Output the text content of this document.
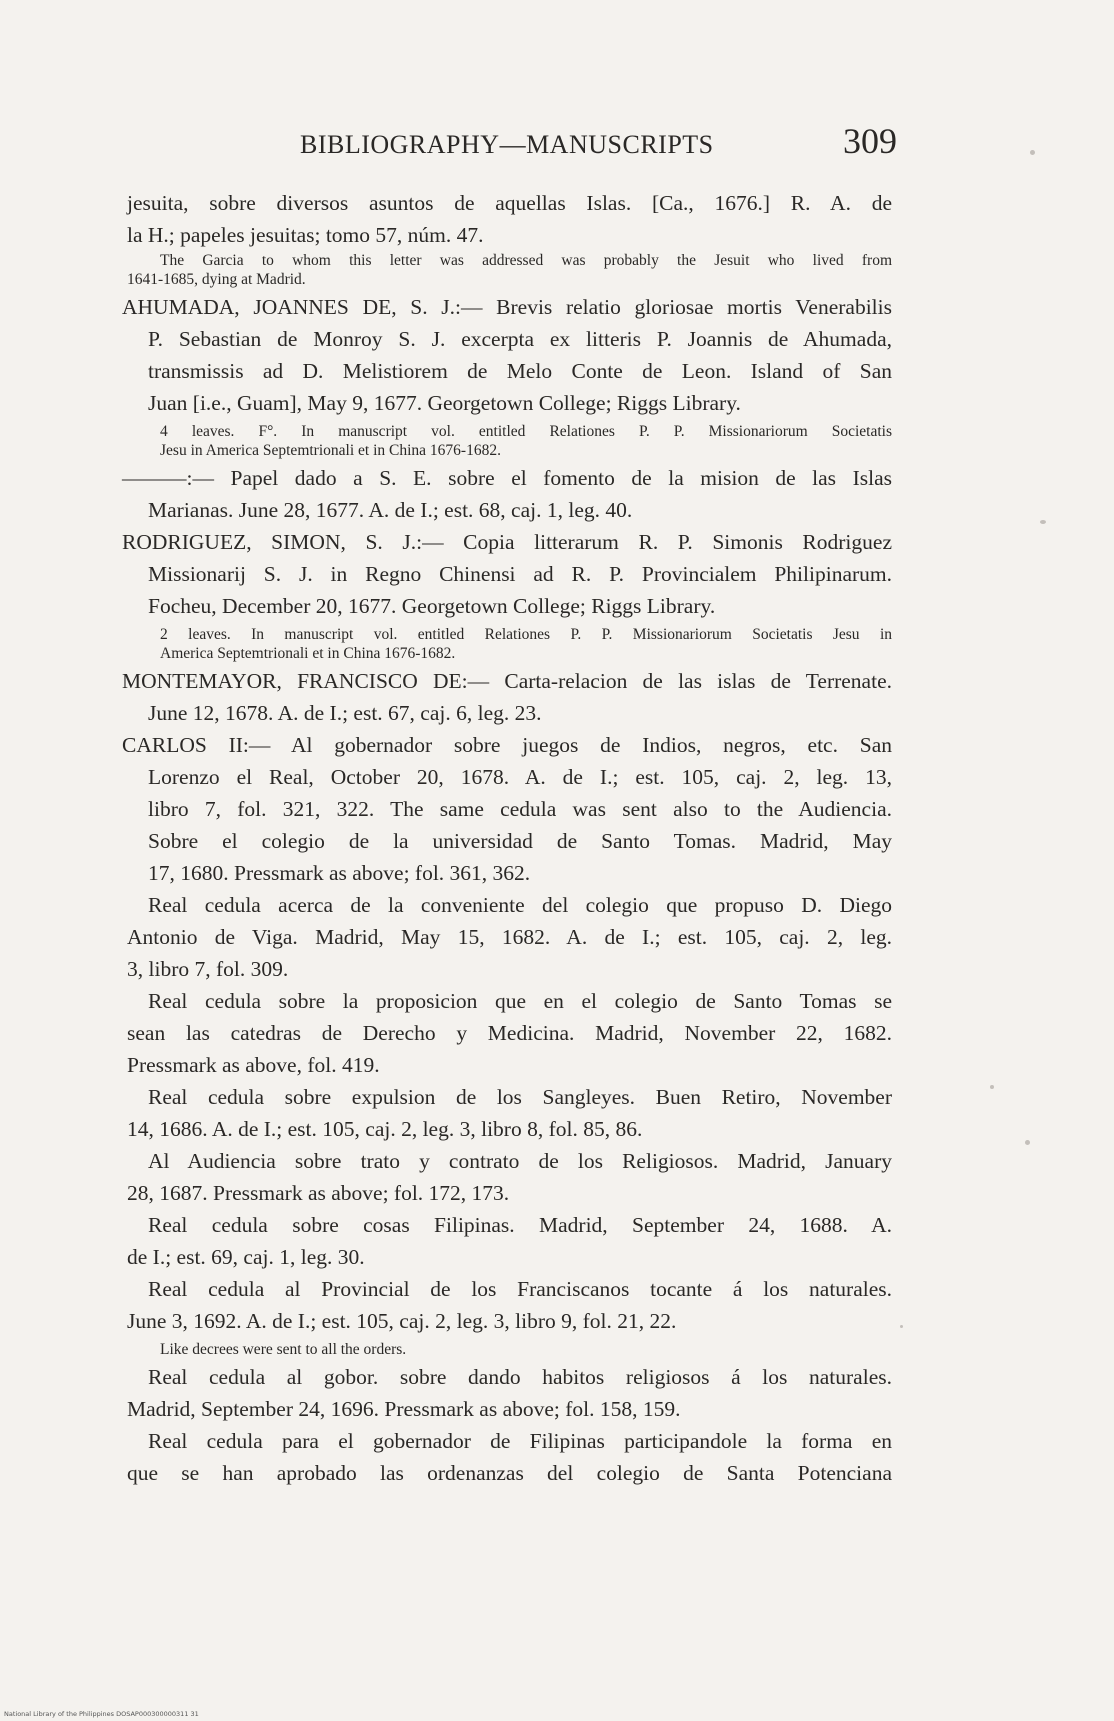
BIBLIOGRAPHY—MANUSCRIPTS	309
jesuita, sobre diversos asuntos de aquellas Islas. [Ca., 1676.] R. A. de
la H.; papeles jesuitas; tomo 57, núm. 47.
The Garcia to whom this letter was addressed was probably the Jesuit who lived from
1641-1685, dying at Madrid.
AHUMADA, JOANNES DE, S. J.:— Brevis relatio gloriosae mortis Venerabilis
P. Sebastian de Monroy S. J. excerpta ex litteris P. Joannis de Ahumada,
transmissis ad D. Melistiorem de Melo Conte de Leon. Island of San
Juan [i.e., Guam], May 9, 1677. Georgetown College; Riggs Library.
4 leaves. F°. In manuscript vol. entitled Relationes P. P. Missionariorum Societatis
Jesu in America Septemtrionali et in China 1676-1682.
———:— Papel dado a S. E. sobre el fomento de la mision de las Islas
Marianas. June 28, 1677. A. de I.; est. 68, caj. 1, leg. 40.
RODRIGUEZ, SIMON, S. J.:— Copia litterarum R. P. Simonis Rodriguez
Missionarij S. J. in Regno Chinensi ad R. P. Provincialem Philipinarum.
Focheu, December 20, 1677. Georgetown College; Riggs Library.
2 leaves. In manuscript vol. entitled Relationes P. P. Missionariorum Societatis Jesu in
America Septemtrionali et in China 1676-1682.
MONTEMAYOR, FRANCISCO DE:— Carta-relacion de las islas de Terrenate.
June 12, 1678. A. de I.; est. 67, caj. 6, leg. 23.
CARLOS II:— Al gobernador sobre juegos de Indios, negros, etc. San
Lorenzo el Real, October 20, 1678. A. de I.; est. 105, caj. 2, leg. 13,
libro 7, fol. 321, 322. The same cedula was sent also to the Audiencia.
Sobre el colegio de la universidad de Santo Tomas. Madrid, May
17, 1680. Pressmark as above; fol. 361, 362.
Real cedula acerca de la conveniente del colegio que propuso D. Diego
Antonio de Viga. Madrid, May 15, 1682. A. de I.; est. 105, caj. 2, leg.
3, libro 7, fol. 309.
Real cedula sobre la proposicion que en el colegio de Santo Tomas se
sean las catedras de Derecho y Medicina. Madrid, November 22, 1682.
Pressmark as above, fol. 419.
Real cedula sobre expulsion de los Sangleyes. Buen Retiro, November
14, 1686. A. de I.; est. 105, caj. 2, leg. 3, libro 8, fol. 85, 86.
Al Audiencia sobre trato y contrato de los Religiosos. Madrid, January
28, 1687. Pressmark as above; fol. 172, 173.
Real cedula sobre cosas Filipinas. Madrid, September 24, 1688. A.
de I.; est. 69, caj. 1, leg. 30.
Real cedula al Provincial de los Franciscanos tocante á los naturales.
June 3, 1692. A. de I.; est. 105, caj. 2, leg. 3, libro 9, fol. 21, 22.
Like decrees were sent to all the orders.
Real cedula al gobor. sobre dando habitos religiosos á los naturales.
Madrid, September 24, 1696. Pressmark as above; fol. 158, 159.
Real cedula para el gobernador de Filipinas participandole la forma en
que se han aprobado las ordenanzas del colegio de Santa Potenciana
National Library of the Philippines DOSAP000300000311 31
